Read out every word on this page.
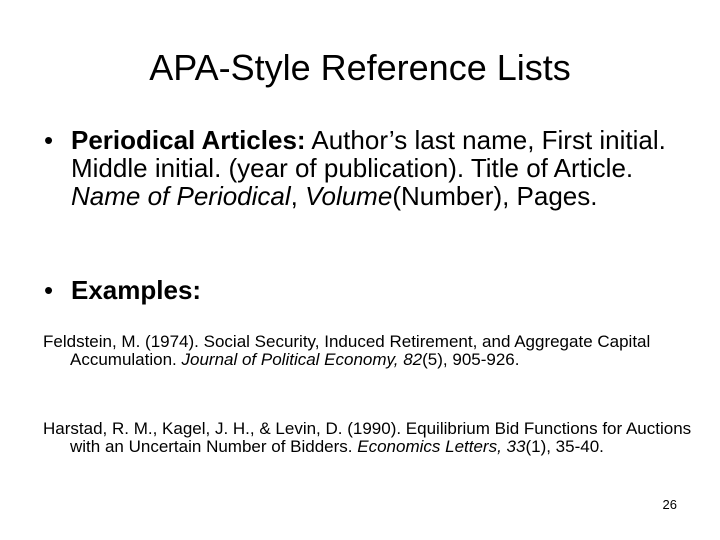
APA-Style Reference Lists
• Periodical Articles: Author’s last name, First initial. Middle initial. (year of publication). Title of Article. Name of Periodical, Volume(Number), Pages.
• Examples:
Feldstein, M. (1974). Social Security, Induced Retirement, and Aggregate Capital Accumulation. Journal of Political Economy, 82(5), 905-926.
Harstad, R. M., Kagel, J. H., & Levin, D. (1990). Equilibrium Bid Functions for Auctions with an Uncertain Number of Bidders. Economics Letters, 33(1), 35-40.
26
